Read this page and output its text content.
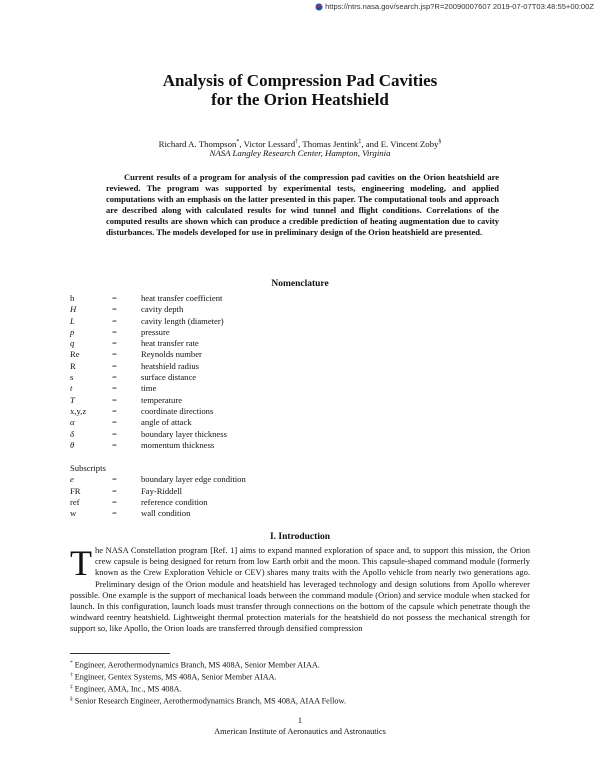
https://ntrs.nasa.gov/search.jsp?R=20090007607 2019-07-07T03:48:55+00:00Z
Analysis of Compression Pad Cavities
for the Orion Heatshield
Richard A. Thompson*, Victor Lessard†, Thomas Jentink‡, and E. Vincent Zoby§
NASA Langley Research Center, Hampton, Virginia

Current results of a program for analysis of the compression pad cavities on the Orion heatshield are reviewed. The program was supported by experimental tests, engineering modeling, and applied computations with an emphasis on the latter presented in this paper. The computational tools and approach are described along with calculated results for wind tunnel and flight conditions. Correlations of the computed results are shown which can produce a credible prediction of heating augmentation due to cavity disturbances. The models developed for use in preliminary design of the Orion heatshield are presented.

Nomenclature
h	=	heat transfer coefficient
H	=	cavity depth
L	=	cavity length (diameter)
p	=	pressure
q	=	heat transfer rate
Re	=	Reynolds number
R	=	heatshield radius
s	=	surface distance
t	=	time
T	=	temperature
x,y,z	=	coordinate directions
α	=	angle of attack
δ	=	boundary layer thickness
θ	=	momentum thickness
Subscripts
e	=	boundary layer edge condition
FR	=	Fay-Riddell
ref	=	reference condition
w	=	wall condition
I. Introduction

The NASA Constellation program [Ref. 1] aims to expand manned exploration of space and, to support this mission, the Orion crew capsule is being designed for return from low Earth orbit and the moon. This capsule-shaped command module (formerly known as the Crew Exploration Vehicle or CEV) shares many traits with the Apollo vehicle from nearly two generations ago. Preliminary design of the Orion module and heatshield has leveraged technology and design solutions from Apollo wherever possible. One example is the support of mechanical loads between the command module (Orion) and service module when stacked for launch. In this configuration, launch loads must transfer through connections on the bottom of the capsule which penetrate though the windward reentry heatshield. Lightweight thermal protection materials for the heatshield do not possess the mechanical strength for support so, like Apollo, the Orion loads are transferred through densified compression

* Engineer, Aerothermodynamics Branch, MS 408A, Senior Member AIAA.
† Engineer, Gentex Systems, MS 408A, Senior Member AIAA.
‡ Engineer, AMA, Inc., MS 408A.
§ Senior Research Engineer, Aerothermodynamics Branch, MS 408A, AIAA Fellow.
1
American Institute of Aeronautics and Astronautics
